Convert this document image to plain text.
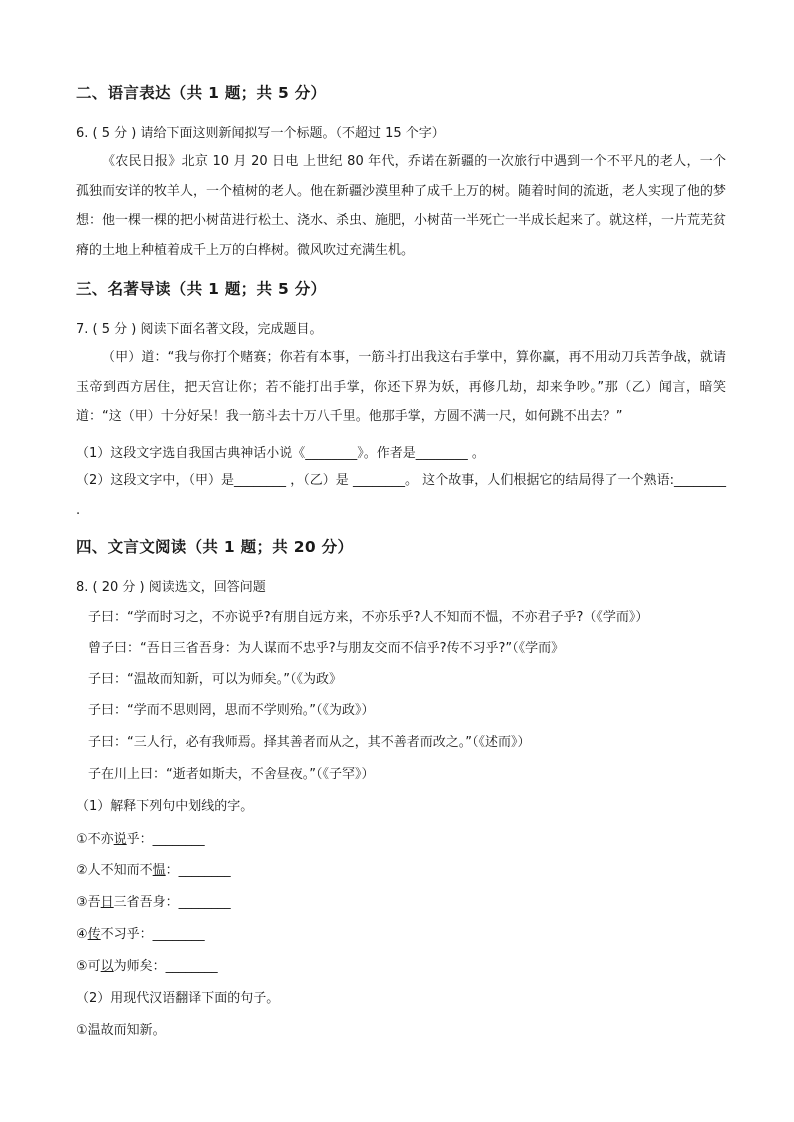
二、语言表达（共 1 题；共 5 分）
6. ( 5 分 ) 请给下面这则新闻拟写一个标题。（不超过 15 个字）
《农民日报》北京 10 月 20 日电 上世纪 80 年代，乔诺在新疆的一次旅行中遇到一个不平凡的老人，一个孤独而安详的牧羊人，一个植树的老人。他在新疆沙漠里种了成千上万的树。随着时间的流逝，老人实现了他的梦想：他一棵一棵的把小树苗进行松土、浇水、杀虫、施肥，小树苗一半死亡一半成长起来了。就这样，一片荒芜贫瘠的土地上种植着成千上万的白桦树。微风吹过充满生机。
三、名著导读（共 1 题；共 5 分）
7. ( 5 分 ) 阅读下面名著文段，完成题目。
（甲）道：“我与你打个赌赛；你若有本事，一筋斗打出我这右手掌中，算你赢，再不用动刀兵苦争战，就请玉帝到西方居住，把天宫让你；若不能打出手掌，你还下界为妖，再修几劫，却来争吵。”那（乙）闻言，暗笑道：“这（甲）十分好呆！我一筋斗去十万八千里。他那手掌，方圆不满一尺，如何跳不出去？”
（1）这段文字选自我国古典神话小说《________》。作者是________ 。
（2）这段文字中，（甲）是________ ，（乙）是 ________。 这个故事，人们根据它的结局得了一个熟语:________ .
四、文言文阅读（共 1 题；共 20 分）
8. ( 20 分 ) 阅读选文，回答问题
子曰：“学而时习之，不亦说乎?有朋自远方来，不亦乐乎?人不知而不愠，不亦君子乎?（《学而》）
曾子曰：“吾日三省吾身：为人谋而不忠乎?与朋友交而不信乎?传不习乎?”（《学而》
子曰：“温故而知新，可以为师矣。”（《为政》
子曰：“学而不思则罔，思而不学则殆。”（《为政》）
子曰：“三人行，必有我师焉。择其善者而从之，其不善者而改之。”（《述而》）
子在川上曰：“逝者如斯夫，不舍昼夜。”（《子罕》）
（1）解释下列句中划线的字。
①不亦说乎：________
②人不知而不愠：________
③吾日三省吾身：________
④传不习乎：________
⑤可以为师矣：________
（2）用现代汉语翻译下面的句子。
①温故而知新。
